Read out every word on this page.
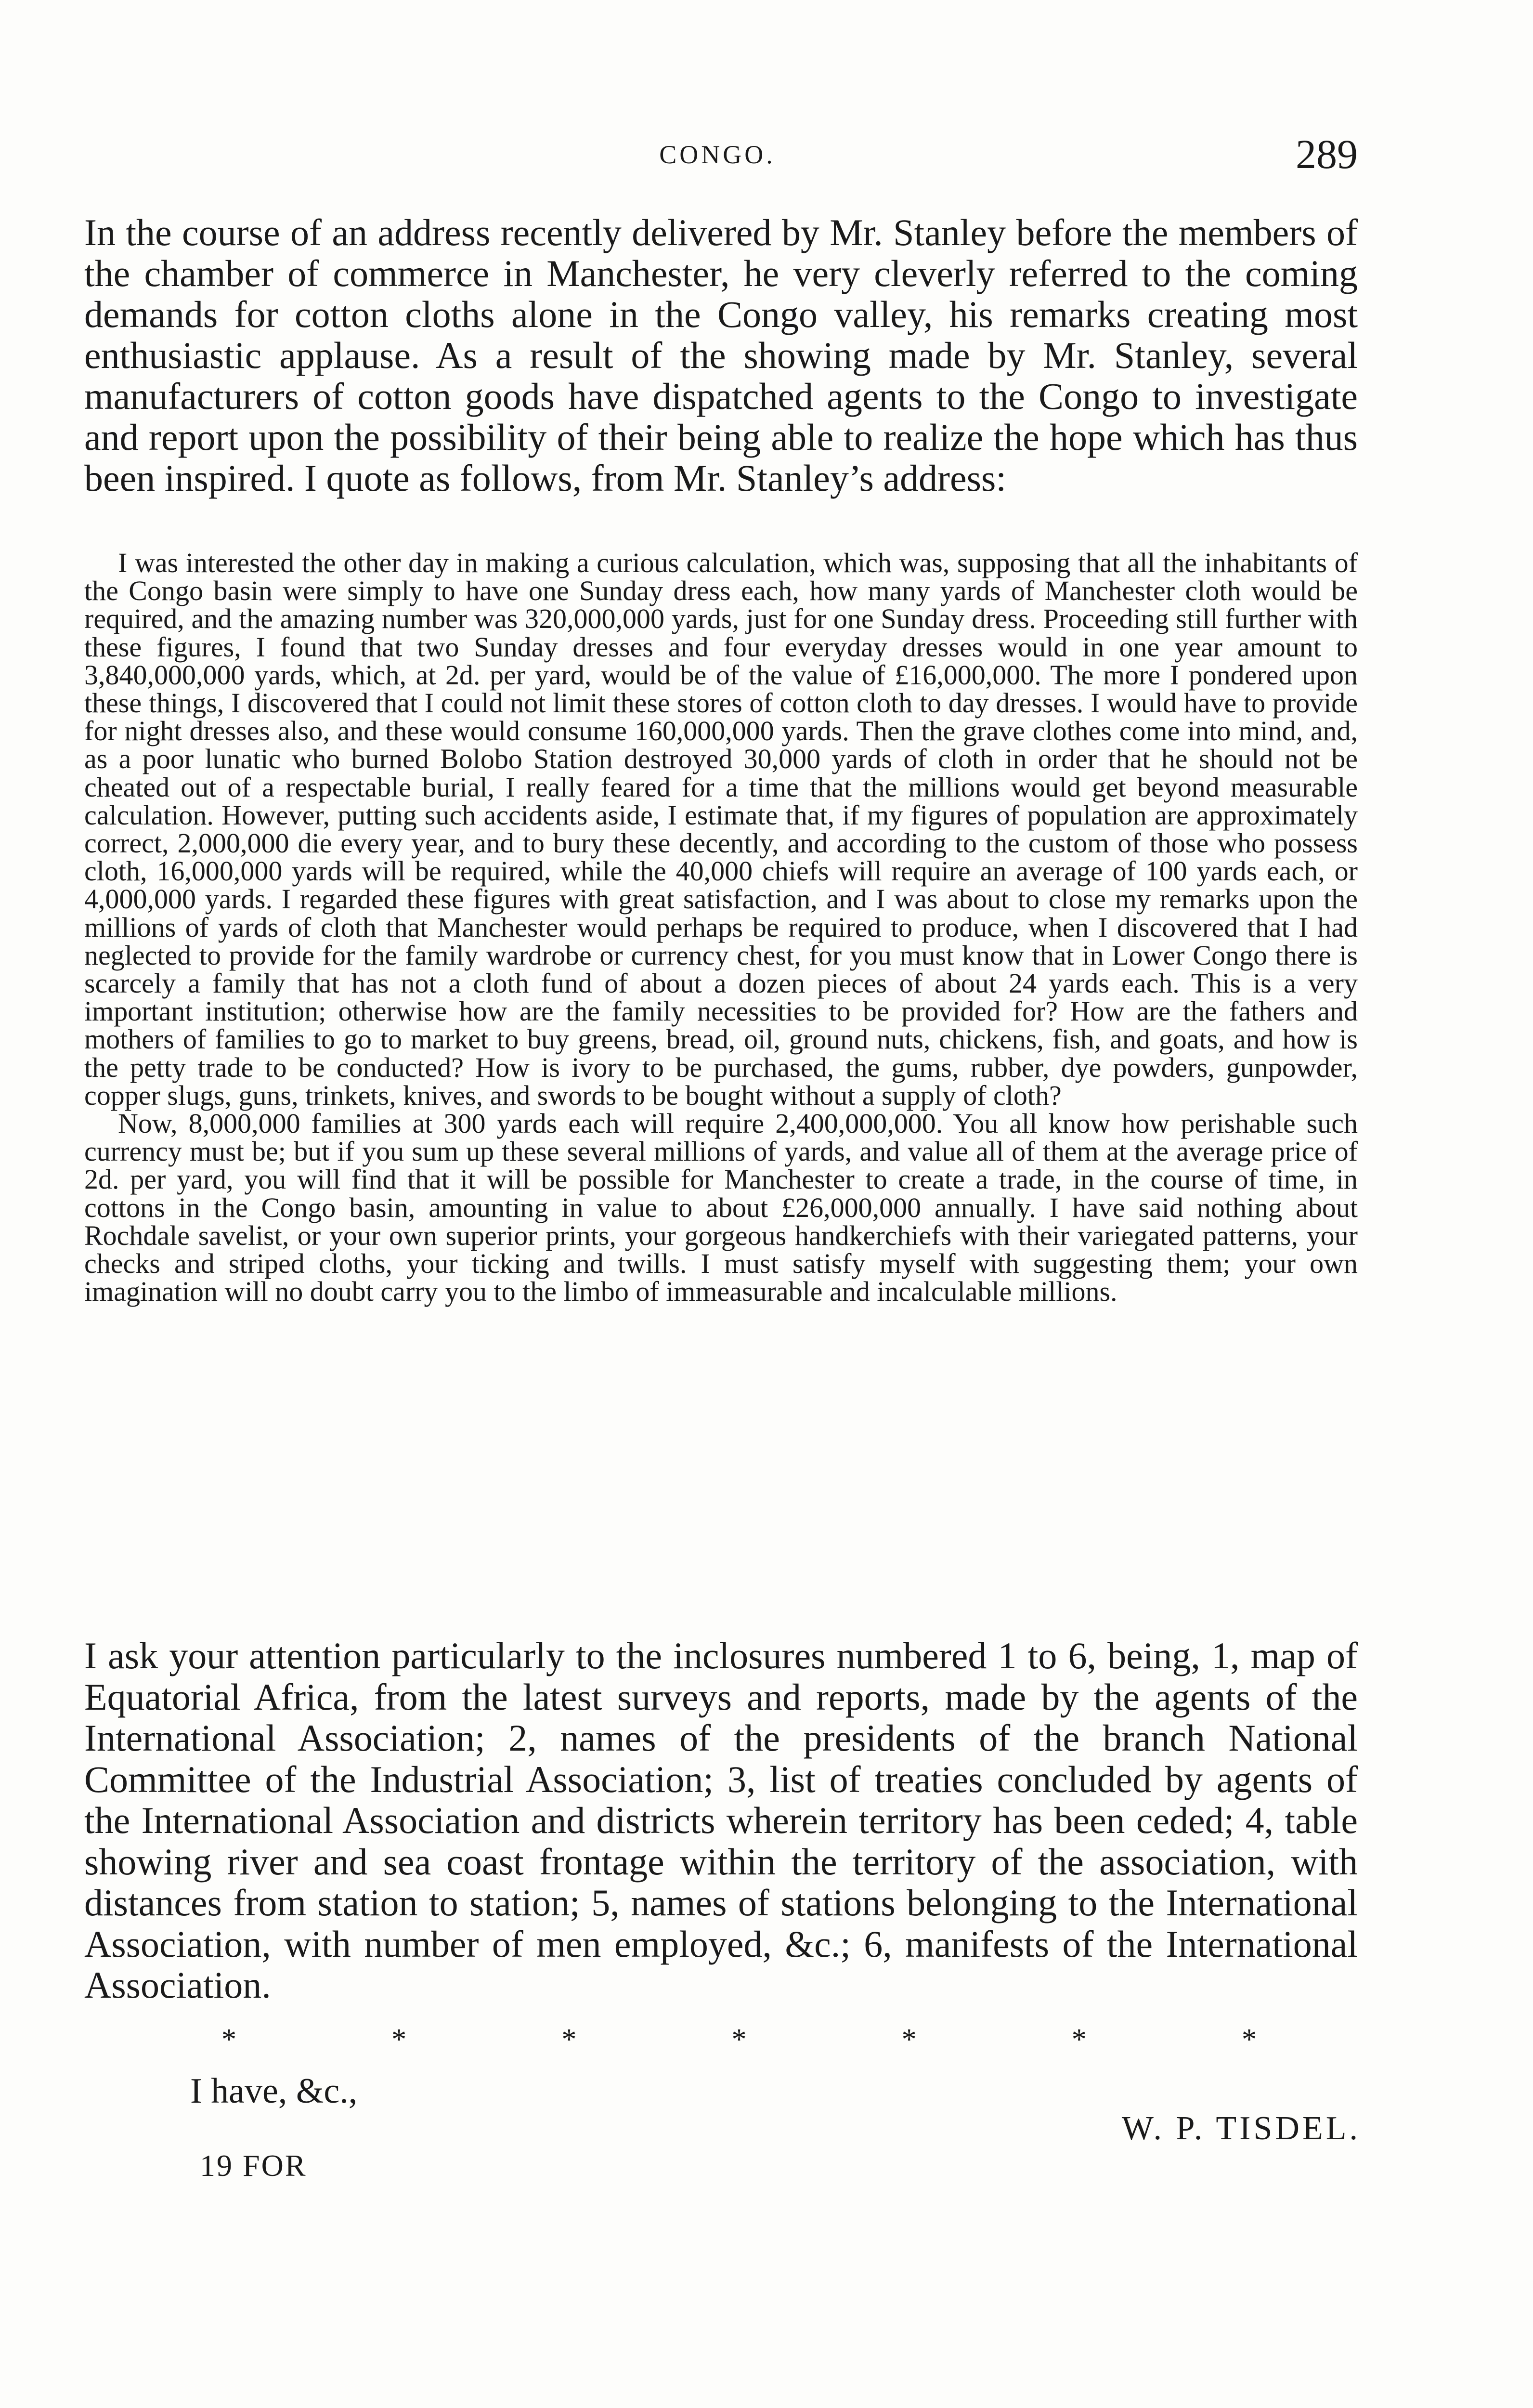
CONGO.	289

In the course of an address recently delivered by Mr. Stanley before the members of the chamber of commerce in Manchester, he very cleverly referred to the coming demands for cotton cloths alone in the Congo valley, his remarks creating most enthusiastic applause. As a result of the showing made by Mr. Stanley, several manufacturers of cotton goods have dispatched agents to the Congo to investigate and report upon the possibility of their being able to realize the hope which has thus been inspired. I quote as follows, from Mr. Stanley’s address:

I was interested the other day in making a curious calculation, which was, supposing that all the inhabitants of the Congo basin were simply to have one Sunday dress each, how many yards of Manchester cloth would be required, and the amazing number was 320,000,000 yards, just for one Sunday dress. Proceeding still further with these figures, I found that two Sunday dresses and four everyday dresses would in one year amount to 3,840,000,000 yards, which, at 2d. per yard, would be of the value of £16,000,000. The more I pondered upon these things, I discovered that I could not limit these stores of cotton cloth to day dresses. I would have to provide for night dresses also, and these would consume 160,000,000 yards. Then the grave clothes come into mind, and, as a poor lunatic who burned Bolobo Station destroyed 30,000 yards of cloth in order that he should not be cheated out of a respectable burial, I really feared for a time that the millions would get beyond measurable calculation. However, putting such accidents aside, I estimate that, if my figures of population are approximately correct, 2,000,000 die every year, and to bury these decently, and according to the custom of those who possess cloth, 16,000,000 yards will be required, while the 40,000 chiefs will require an average of 100 yards each, or 4,000,000 yards. I regarded these figures with great satisfaction, and I was about to close my remarks upon the millions of yards of cloth that Manchester would perhaps be required to produce, when I discovered that I had neglected to provide for the family wardrobe or currency chest, for you must know that in Lower Congo there is scarcely a family that has not a cloth fund of about a dozen pieces of about 24 yards each. This is a very important institution; otherwise how are the family necessities to be provided for? How are the fathers and mothers of families to go to market to buy greens, bread, oil, ground nuts, chickens, fish, and goats, and how is the petty trade to be conducted? How is ivory to be purchased, the gums, rubber, dye powders, gunpowder, copper slugs, guns, trinkets, knives, and swords to be bought without a supply of cloth?

Now, 8,000,000 families at 300 yards each will require 2,400,000,000. You all know how perishable such currency must be; but if you sum up these several millions of yards, and value all of them at the average price of 2d. per yard, you will find that it will be possible for Manchester to create a trade, in the course of time, in cottons in the Congo basin, amounting in value to about £26,000,000 annually. I have said nothing about Rochdale savelist, or your own superior prints, your gorgeous handkerchiefs with their variegated patterns, your checks and striped cloths, your ticking and twills. I must satisfy myself with suggesting them; your own imagination will no doubt carry you to the limbo of immeasurable and incalculable millions.

I ask your attention particularly to the inclosures numbered 1 to 6, being, 1, map of Equatorial Africa, from the latest surveys and reports, made by the agents of the International Association; 2, names of the presidents of the branch National Committee of the Industrial Association; 3, list of treaties concluded by agents of the International Association and districts wherein territory has been ceded; 4, table showing river and sea coast frontage within the territory of the association, with distances from station to station; 5, names of stations belonging to the International Association, with number of men employed, &c.; 6, manifests of the International Association.

*	*	*	*	*	*	*
I have, &c.,
W. P. TISDEL.
19 FOR
